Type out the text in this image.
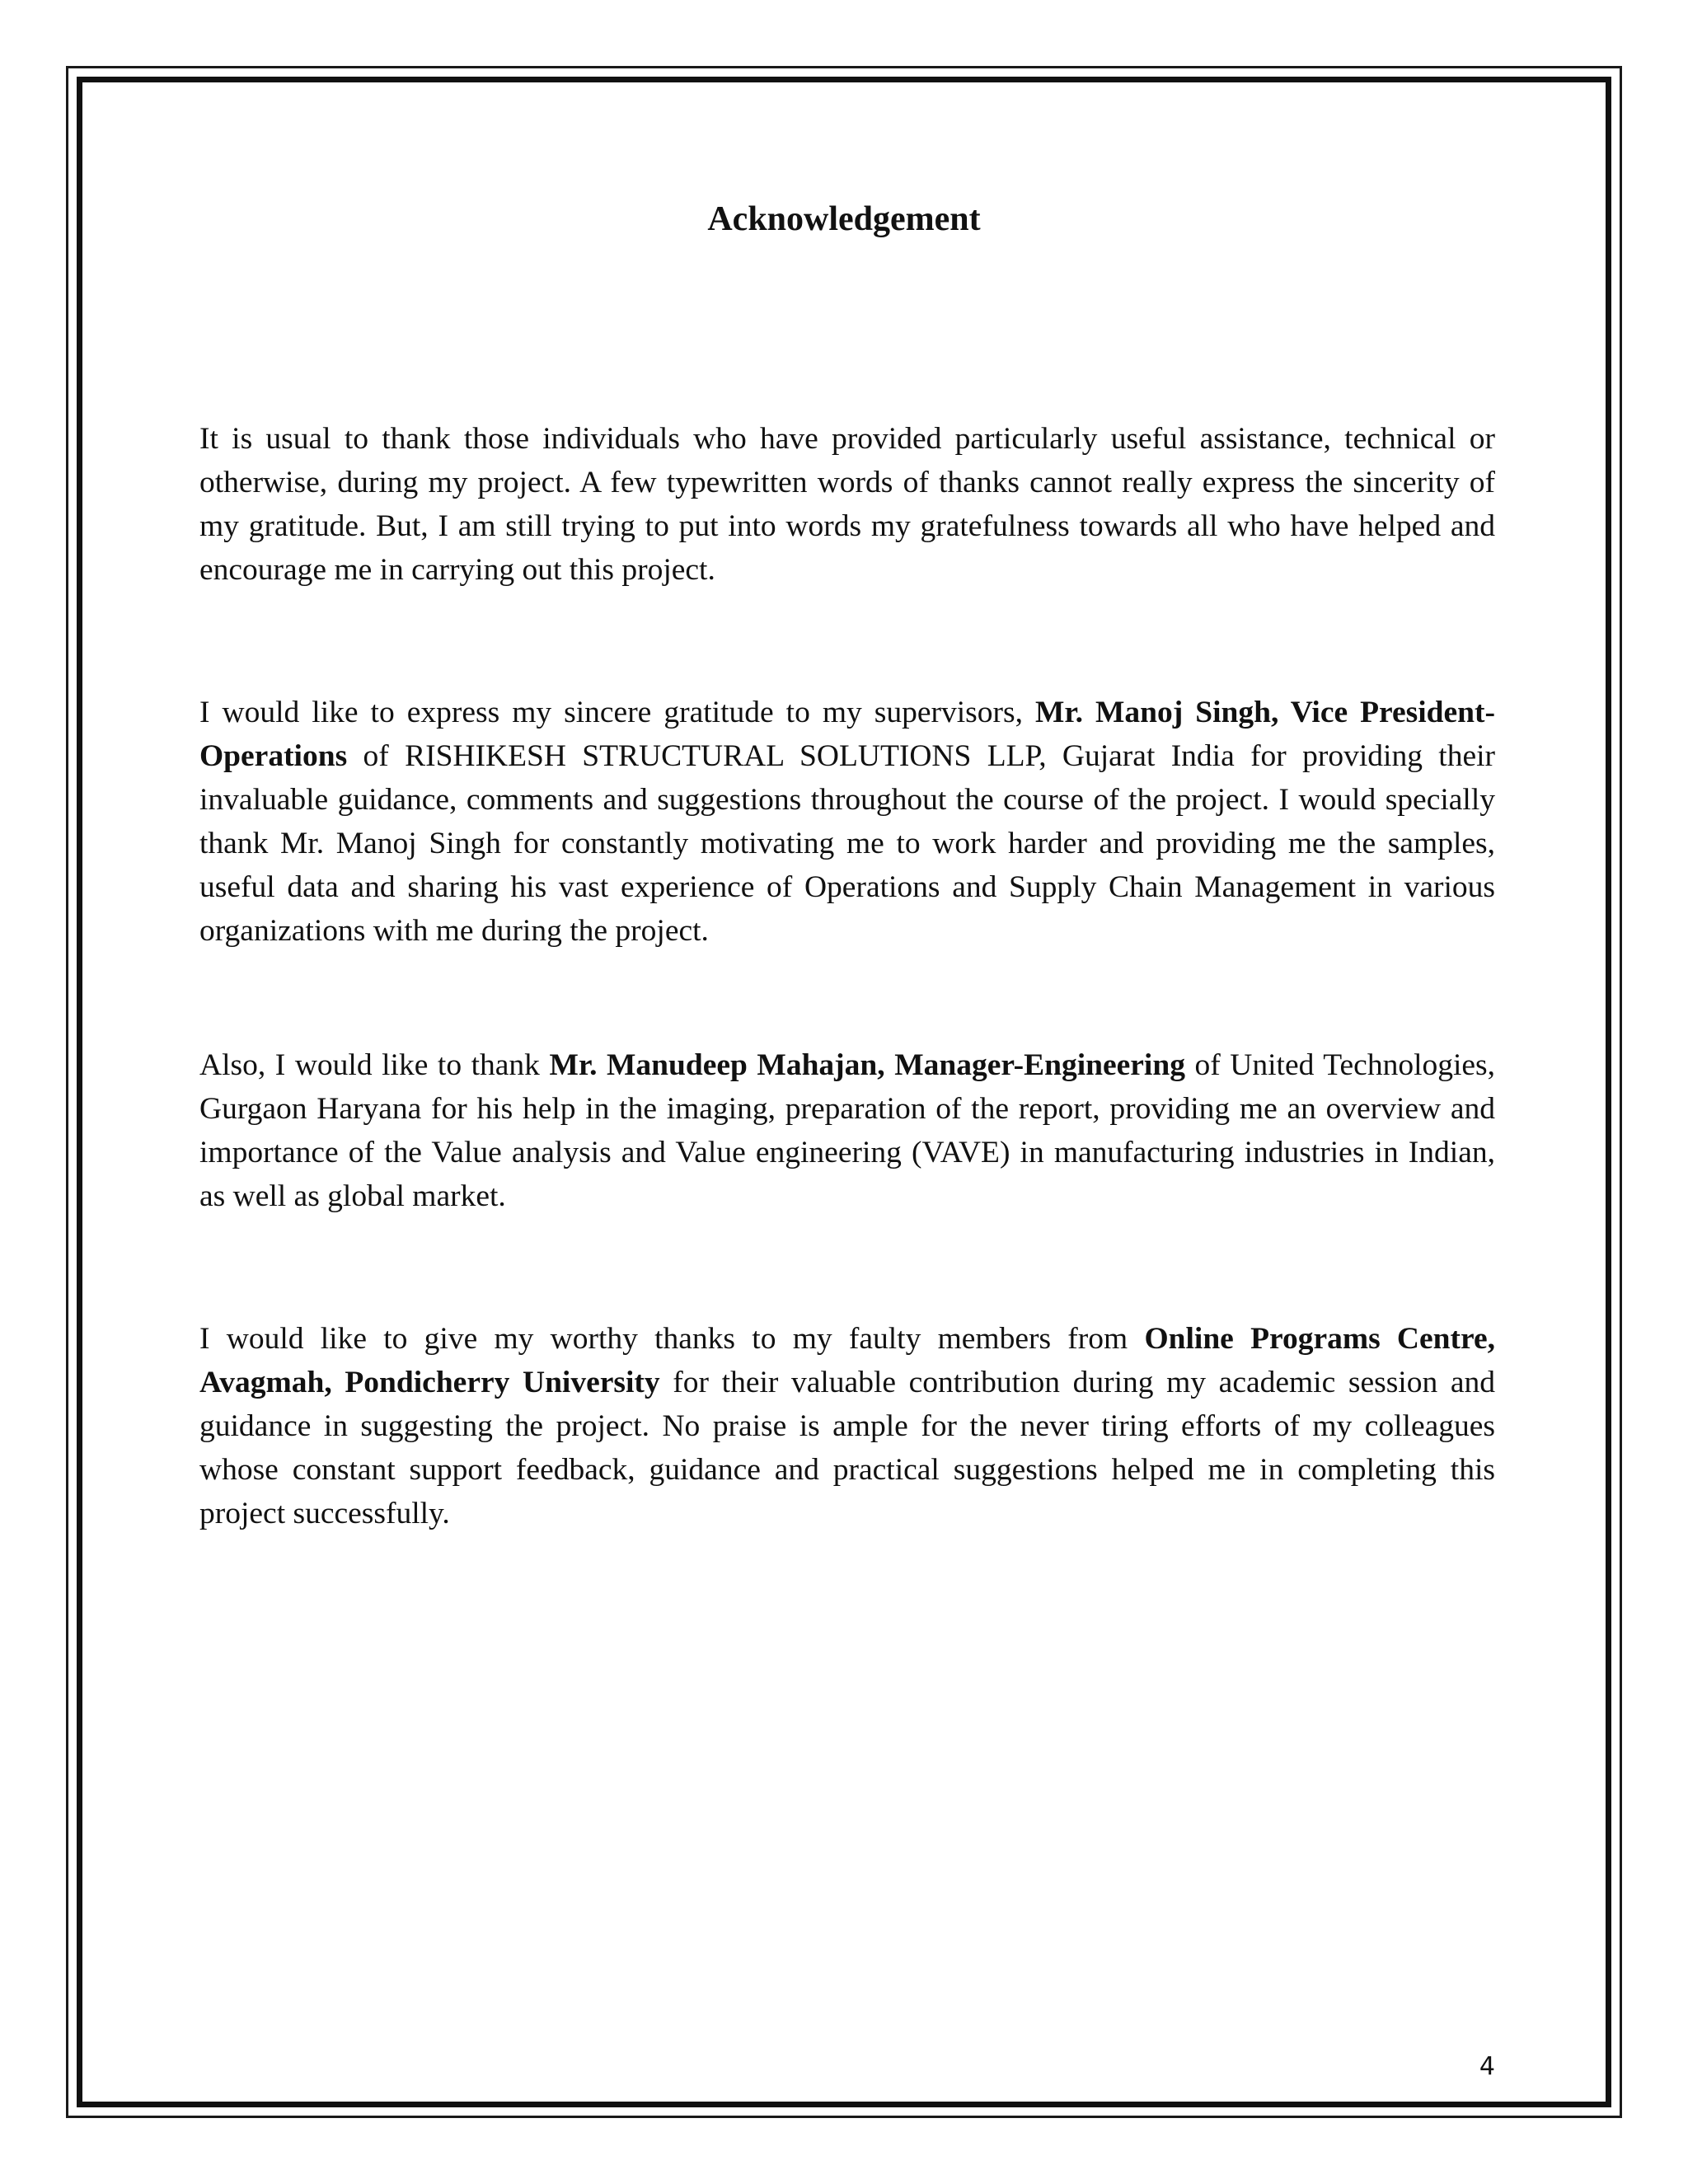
Acknowledgement

It is usual to thank those individuals who have provided particularly useful assistance, technical or otherwise, during my project. A few typewritten words of thanks cannot really express the sincerity of my gratitude. But, I am still trying to put into words my gratefulness towards all who have helped and encourage me in carrying out this project.

I would like to express my sincere gratitude to my supervisors, Mr. Manoj Singh, Vice President-Operations of RISHIKESH STRUCTURAL SOLUTIONS LLP, Gujarat India for providing their invaluable guidance, comments and suggestions throughout the course of the project. I would specially thank Mr. Manoj Singh for constantly motivating me to work harder and providing me the samples, useful data and sharing his vast experience of Operations and Supply Chain Management in various organizations with me during the project.

Also, I would like to thank Mr. Manudeep Mahajan, Manager-Engineering of United Technologies, Gurgaon Haryana for his help in the imaging, preparation of the report, providing me an overview and importance of the Value analysis and Value engineering (VAVE) in manufacturing industries in Indian, as well as global market.

I would like to give my worthy thanks to my faulty members from Online Programs Centre, Avagmah, Pondicherry University for their valuable contribution during my academic session and guidance in suggesting the project. No praise is ample for the never tiring efforts of my colleagues whose constant support feedback, guidance and practical suggestions helped me in completing this project successfully.

4
